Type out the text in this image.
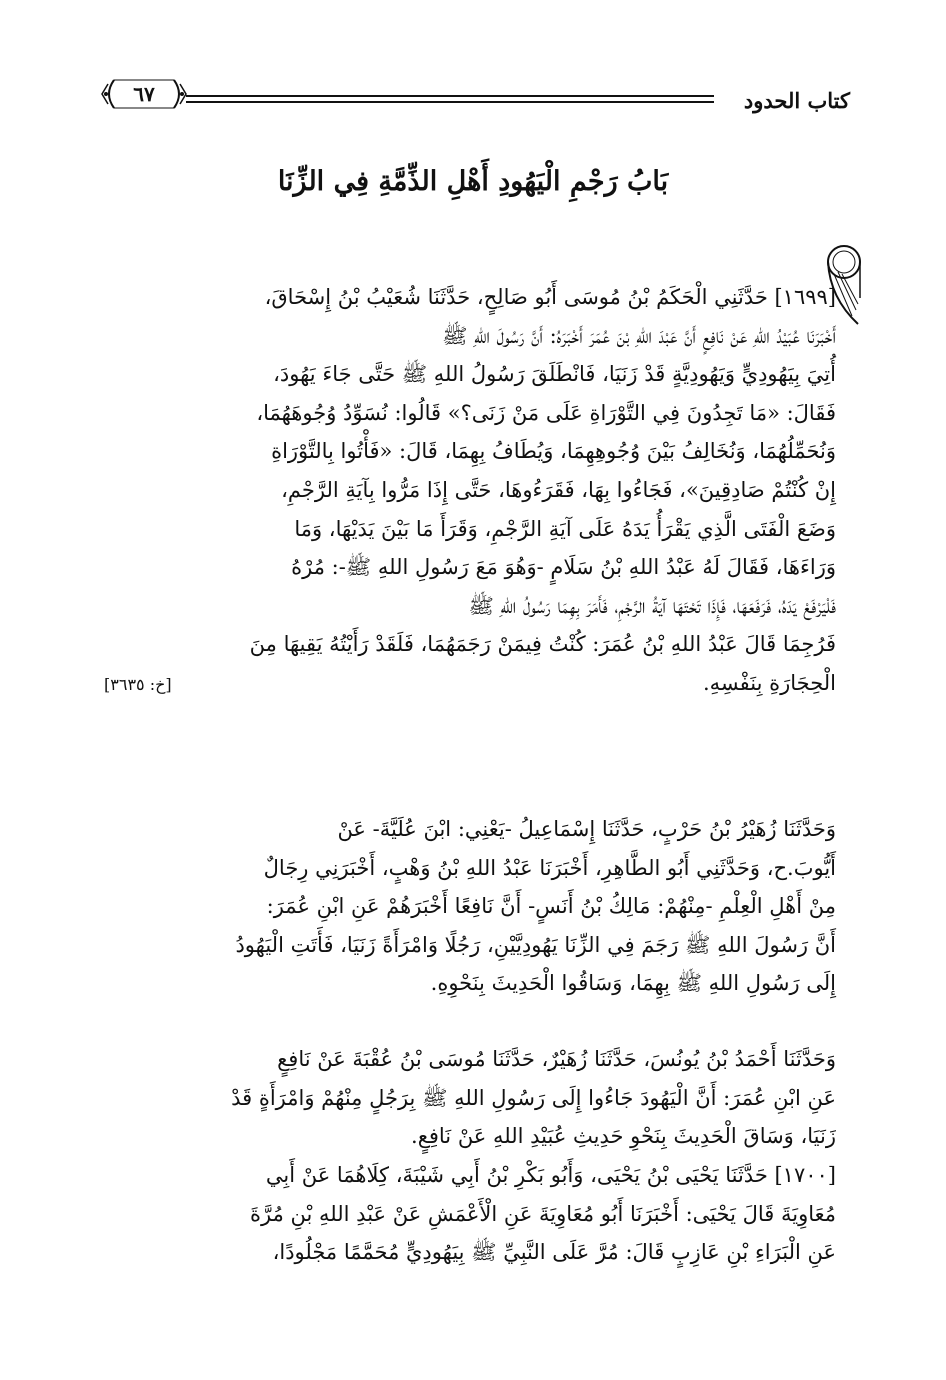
كتاب الحدود
٦٧
بَابُ رَجْمِ الْيَهُودِ أَهْلِ الذِّمَّةِ فِي الزِّنَا

[١٦٩٩] حَدَّثَنِي الْحَكَمُ بْنُ مُوسَى أَبُو صَالِحٍ، حَدَّثَنَا شُعَيْبُ بْنُ إِسْحَاقَ،

أَخْبَرَنَا عُبَيْدُ اللهِ عَنْ نَافِعٍ أَنَّ عَبْدَ اللهِ بْنَ عُمَرَ أَخْبَرَهُ: أَنَّ رَسُولَ اللهِ ﷺ

أُتِيَ بِيَهُودِيٍّ وَيَهُودِيَّةٍ قَدْ زَنَيَا، فَانْطَلَقَ رَسُولُ اللهِ ﷺ حَتَّى جَاءَ يَهُودَ،

فَقَالَ: «مَا تَجِدُونَ فِي التَّوْرَاةِ عَلَى مَنْ زَنَى؟» قَالُوا: نُسَوِّدُ وُجُوهَهُمَا،

وَنُحَمِّلُهُمَا، وَنُخَالِفُ بَيْنَ وُجُوهِهِمَا، وَيُطَافُ بِهِمَا، قَالَ: «فَأْتُوا بِالتَّوْرَاةِ

إِنْ كُنْتُمْ صَادِقِينَ»، فَجَاءُوا بِهَا، فَقَرَءُوهَا، حَتَّى إِذَا مَرُّوا بِآيَةِ الرَّجْمِ،

وَضَعَ الْفَتَى الَّذِي يَقْرَأُ يَدَهُ عَلَى آيَةِ الرَّجْمِ، وَقَرَأَ مَا بَيْنَ يَدَيْهَا، وَمَا

وَرَاءَهَا، فَقَالَ لَهُ عَبْدُ اللهِ بْنُ سَلَامٍ -وَهُوَ مَعَ رَسُولِ اللهِ ﷺ-: مُرْهُ

فَلْيَرْفَعْ يَدَهُ، فَرَفَعَهَا، فَإِذَا تَحْتَهَا آيَةُ الرَّجْمِ، فَأَمَرَ بِهِمَا رَسُولُ اللهِ ﷺ

فَرُجِمَا قَالَ عَبْدُ اللهِ بْنُ عُمَرَ: كُنْتُ فِيمَنْ رَجَمَهُمَا، فَلَقَدْ رَأَيْتُهُ يَقِيهَا مِنَ

الْحِجَارَةِ بِنَفْسِهِ.
[خ: ٣٦٣٥]

وَحَدَّثَنَا زُهَيْرُ بْنُ حَرْبٍ، حَدَّثَنَا إِسْمَاعِيلُ -يَعْنِي: ابْنَ عُلَيَّةَ- عَنْ

أَيُّوبَ.ح، وَحَدَّثَنِي أَبُو الطَّاهِرِ، أَخْبَرَنَا عَبْدُ اللهِ بْنُ وَهْبٍ، أَخْبَرَنِي رِجَالٌ

مِنْ أَهْلِ الْعِلْمِ -مِنْهُمْ: مَالِكُ بْنُ أَنَسٍ- أَنَّ نَافِعًا أَخْبَرَهُمْ عَنِ ابْنِ عُمَرَ:

أَنَّ رَسُولَ اللهِ ﷺ رَجَمَ فِي الزِّنَا يَهُودِيَّيْنِ، رَجُلًا وَامْرَأَةً زَنَيَا، فَأَتَتِ الْيَهُودُ

إِلَى رَسُولِ اللهِ ﷺ بِهِمَا، وَسَاقُوا الْحَدِيثَ بِنَحْوِهِ.

وَحَدَّثَنَا أَحْمَدُ بْنُ يُونُسَ، حَدَّثَنَا زُهَيْرٌ، حَدَّثَنَا مُوسَى بْنُ عُقْبَةَ عَنْ نَافِعٍ

عَنِ ابْنِ عُمَرَ: أَنَّ الْيَهُودَ جَاءُوا إِلَى رَسُولِ اللهِ ﷺ بِرَجُلٍ مِنْهُمْ وَامْرَأَةٍ قَدْ

زَنَيَا، وَسَاقَ الْحَدِيثَ بِنَحْوِ حَدِيثِ عُبَيْدِ اللهِ عَنْ نَافِعٍ.

[١٧٠٠] حَدَّثَنَا يَحْيَى بْنُ يَحْيَى، وَأَبُو بَكْرِ بْنُ أَبِي شَيْبَةَ، كِلَاهُمَا عَنْ أَبِي

مُعَاوِيَةَ قَالَ يَحْيَى: أَخْبَرَنَا أَبُو مُعَاوِيَةَ عَنِ الْأَعْمَشِ عَنْ عَبْدِ اللهِ بْنِ مُرَّةَ

عَنِ الْبَرَاءِ بْنِ عَازِبٍ قَالَ: مُرَّ عَلَى النَّبِيِّ ﷺ بِيَهُودِيٍّ مُحَمَّمًا مَجْلُودًا،
